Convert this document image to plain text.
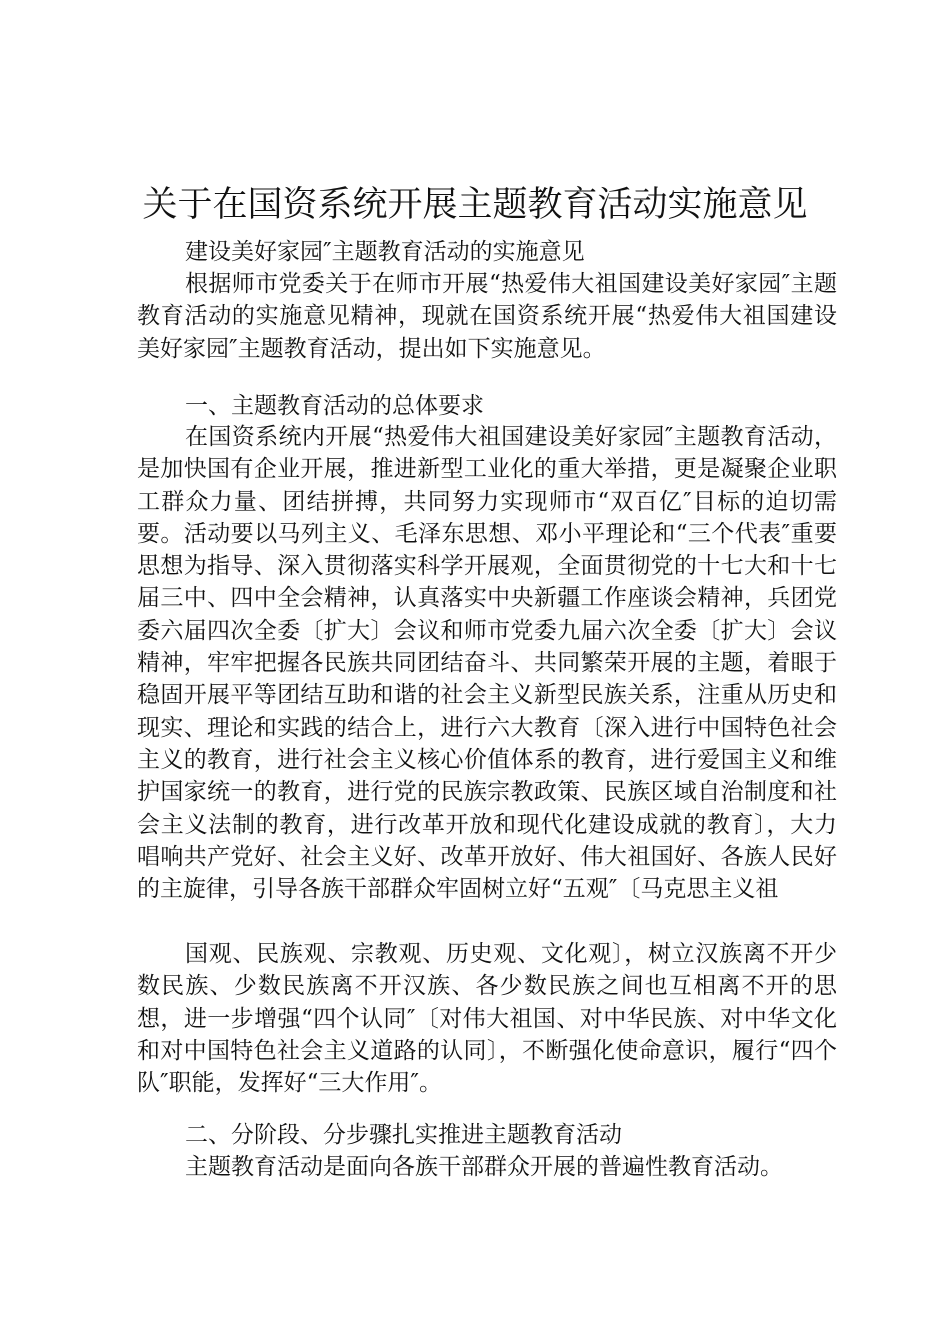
关于在国资系统开展主题教育活动实施意见

建设美好家园″主题教育活动的实施意见

根据师市党委关于在师市开展“热爱伟大祖国建设美好家园″主题教育活动的实施意见精神，现就在国资系统开展“热爱伟大祖国建设美好家园″主题教育活动，提出如下实施意见。

一、主题教育活动的总体要求

在国资系统内开展“热爱伟大祖国建设美好家园″主题教育活动，是加快国有企业开展，推进新型工业化的重大举措，更是凝聚企业职工群众力量、团结拼搏，共同努力实现师市“双百亿″目标的迫切需要。活动要以马列主义、毛泽东思想、邓小平理论和“三个代表″重要思想为指导、深入贯彻落实科学开展观，全面贯彻党的十七大和十七届三中、四中全会精神，认真落实中央新疆工作座谈会精神，兵团党委六届四次全委〔扩大〕会议和师市党委九届六次全委〔扩大〕会议精神，牢牢把握各民族共同团结奋斗、共同繁荣开展的主题，着眼于稳固开展平等团结互助和谐的社会主义新型民族关系，注重从历史和现实、理论和实践的结合上，进行六大教育〔深入进行中国特色社会主义的教育，进行社会主义核心价值体系的教育，进行爱国主义和维护国家统一的教育，进行党的民族宗教政策、民族区域自治制度和社会主义法制的教育，进行改革开放和现代化建设成就的教育〕，大力唱响共产党好、社会主义好、改革开放好、伟大祖国好、各族人民好的主旋律，引导各族干部群众牢固树立好“五观″〔马克思主义祖

国观、民族观、宗教观、历史观、文化观〕，树立汉族离不开少数民族、少数民族离不开汉族、各少数民族之间也互相离不开的思想，进一步增强“四个认同″〔对伟大祖国、对中华民族、对中华文化和对中国特色社会主义道路的认同〕，不断强化使命意识，履行“四个队″职能，发挥好“三大作用″。

二、分阶段、分步骤扎实推进主题教育活动

主题教育活动是面向各族干部群众开展的普遍性教育活动。
